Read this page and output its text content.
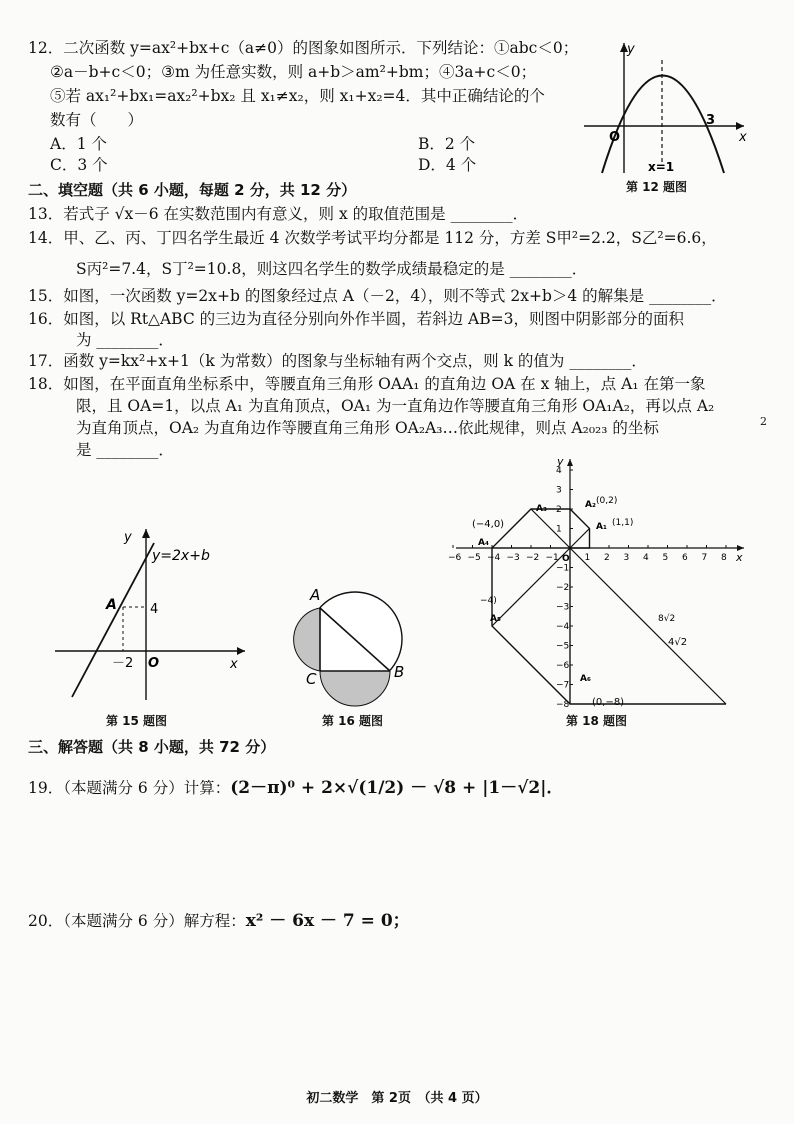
12．二次函数 y=ax²+bx+c（a≠0）的图象如图所示．下列结论：①abc＜0；
②a－b+c＜0；③m 为任意实数，则 a+b＞am²+bm；④3a+c＜0；
⑤若 ax₁²+bx₁=ax₂²+bx₂ 且 x₁≠x₂，则 x₁+x₂=4．其中正确结论的个
数有（　　）
A．1 个	B．2 个
C．3 个	D．4 个
y
x
O
3
x=1
第 12 题图
二、填空题（共 6 小题，每题 2 分，共 12 分）
13．若式子 √x－6 在实数范围内有意义，则 x 的取值范围是 ________．
14．甲、乙、丙、丁四名学生最近 4 次数学考试平均分都是 112 分，方差 S甲²=2.2，S乙²=6.6，
S丙²=7.4，S丁²=10.8，则这四名学生的数学成绩最稳定的是 ________．
15．如图，一次函数 y=2x+b 的图象经过点 A（－2，4），则不等式 2x+b＞4 的解集是 ________．
16．如图，以 Rt△ABC 的三边为直径分别向外作半圆，若斜边 AB=3，则图中阴影部分的面积
为 ________．
17．函数 y=kx²+x+1（k 为常数）的图象与坐标轴有两个交点，则 k 的值为 ________．
18．如图，在平面直角坐标系中，等腰直角三角形 OAA₁ 的直角边 OA 在 x 轴上，点 A₁ 在第一象
限，且 OA=1，以点 A₁ 为直角顶点，OA₁ 为一直角边作等腰直角三角形 OA₁A₂，再以点 A₂
为直角顶点，OA₂ 为直角边作等腰直角三角形 OA₂A₃…依此规律，则点 A₂₀₂₃ 的坐标	2
是 ________．
y
y=2x+b
A	4
－2 O	x
第 15 题图
A
B
C
第 16 题图
−6 −5 −4 −3 −2 −1	1 2 3 4 5 6 7 8
4
3
2
1
−1
−2
−3
−4
−5
−6
−7
−8
y
x
A₃	A₂
A₁
A₄
A₅
A₆
O
(−4,0)
(0,2)
(1,1)
(0,−8)
−4)
8√2
4√2
第 18 题图
三、解答题（共 8 小题，共 72 分）
19．（本题满分 6 分）计算：(2－π)⁰ + 2×√(1/2) － √8 + |1－√2|．
20．（本题满分 6 分）解方程：x² － 6x － 7 = 0；
初二数学　第 2页　（共 4 页）
